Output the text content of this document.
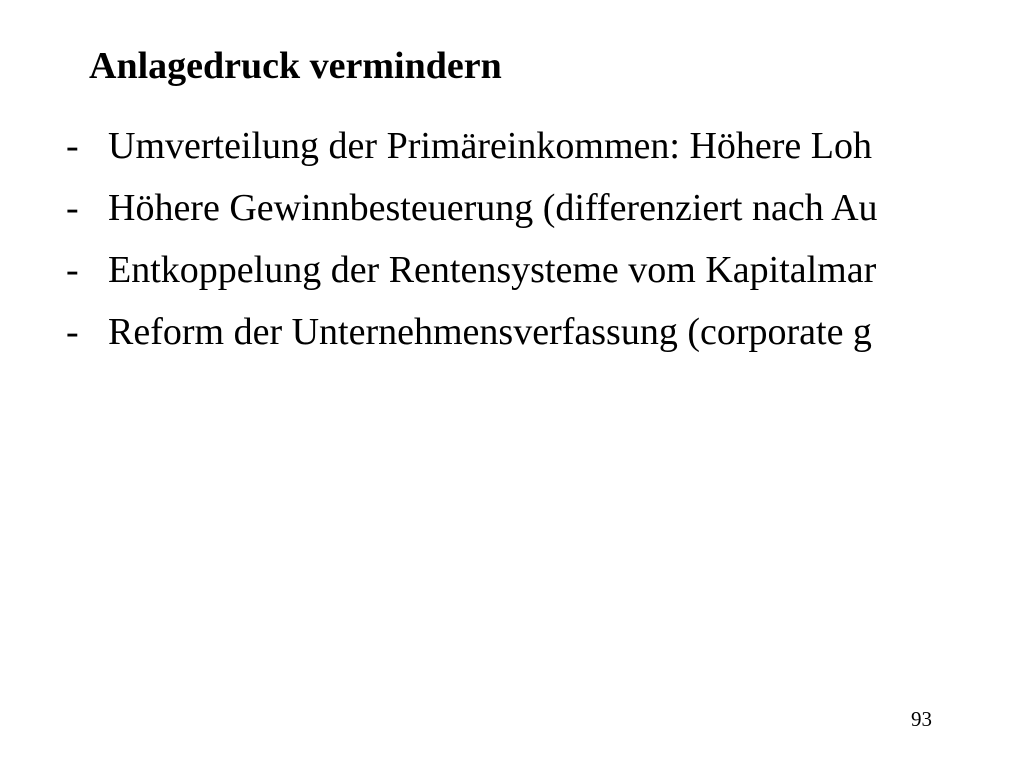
Anlagedruck vermindern
- Umverteilung der Primäreinkommen: Höhere Loh
- Höhere Gewinnbesteuerung (differenziert nach Au
- Entkoppelung der Rentensysteme vom Kapitalmar
- Reform der Unternehmensverfassung (corporate g
93
